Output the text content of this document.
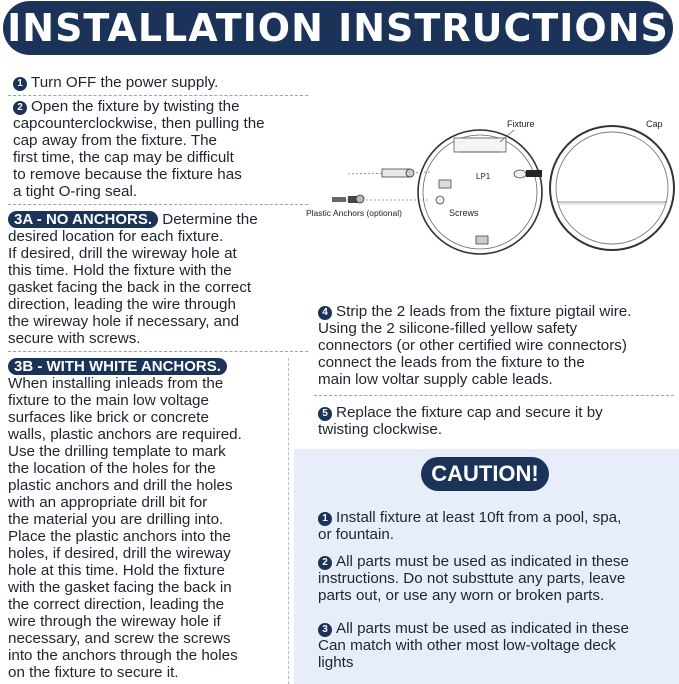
INSTALLATION INSTRUCTIONS
1 Turn OFF the power supply.
2 Open the fixture by twisting the
capcounterclockwise, then pulling the
cap away from the fixture. The
first time, the cap may be difficult
to remove because the fixture has
a tight O-ring seal.
3A - NO ANCHORS. Determine the
desired location for each fixture.
If desired, drill the wireway hole at
this time. Hold the fixture with the
gasket facing the back in the correct
direction, leading the wire through
the wireway hole if necessary, and
secure with screws.
3B - WITH WHITE ANCHORS.
When installing inleads from the
fixture to the main low voltage
surfaces like brick or concrete
walls, plastic anchors are required.
Use the drilling template to mark
the location of the holes for the
plastic anchors and drill the holes
with an appropriate drill bit for
the material you are drilling into.
Place the plastic anchors into the
holes, if desired, drill the wireway
hole at this time. Hold the fixture
with the gasket facing the back in
the correct direction, leading the
wire through the wireway hole if
necessary, and screw the screws
into the anchors through the holes
on the fixture to secure it.
Fixture	Cap
LP1
Screws
Plastic Anchors (optional)
4 Strip the 2 leads from the fixture pigtail wire.
Using the 2 silicone-filled yellow safety
connectors (or other certified wire connectors)
connect the leads from the fixture to the
main low voltar supply cable leads.
5 Replace the fixture cap and secure it by
twisting clockwise.
CAUTION!
1 Install fixture at least 10ft from a pool, spa,
or fountain.
2 All parts must be used as indicated in these
instructions. Do not substtute any parts, leave
parts out, or use any worn or broken parts.
3 All parts must be used as indicated in these
Can match with other most low-voltage deck
lights
